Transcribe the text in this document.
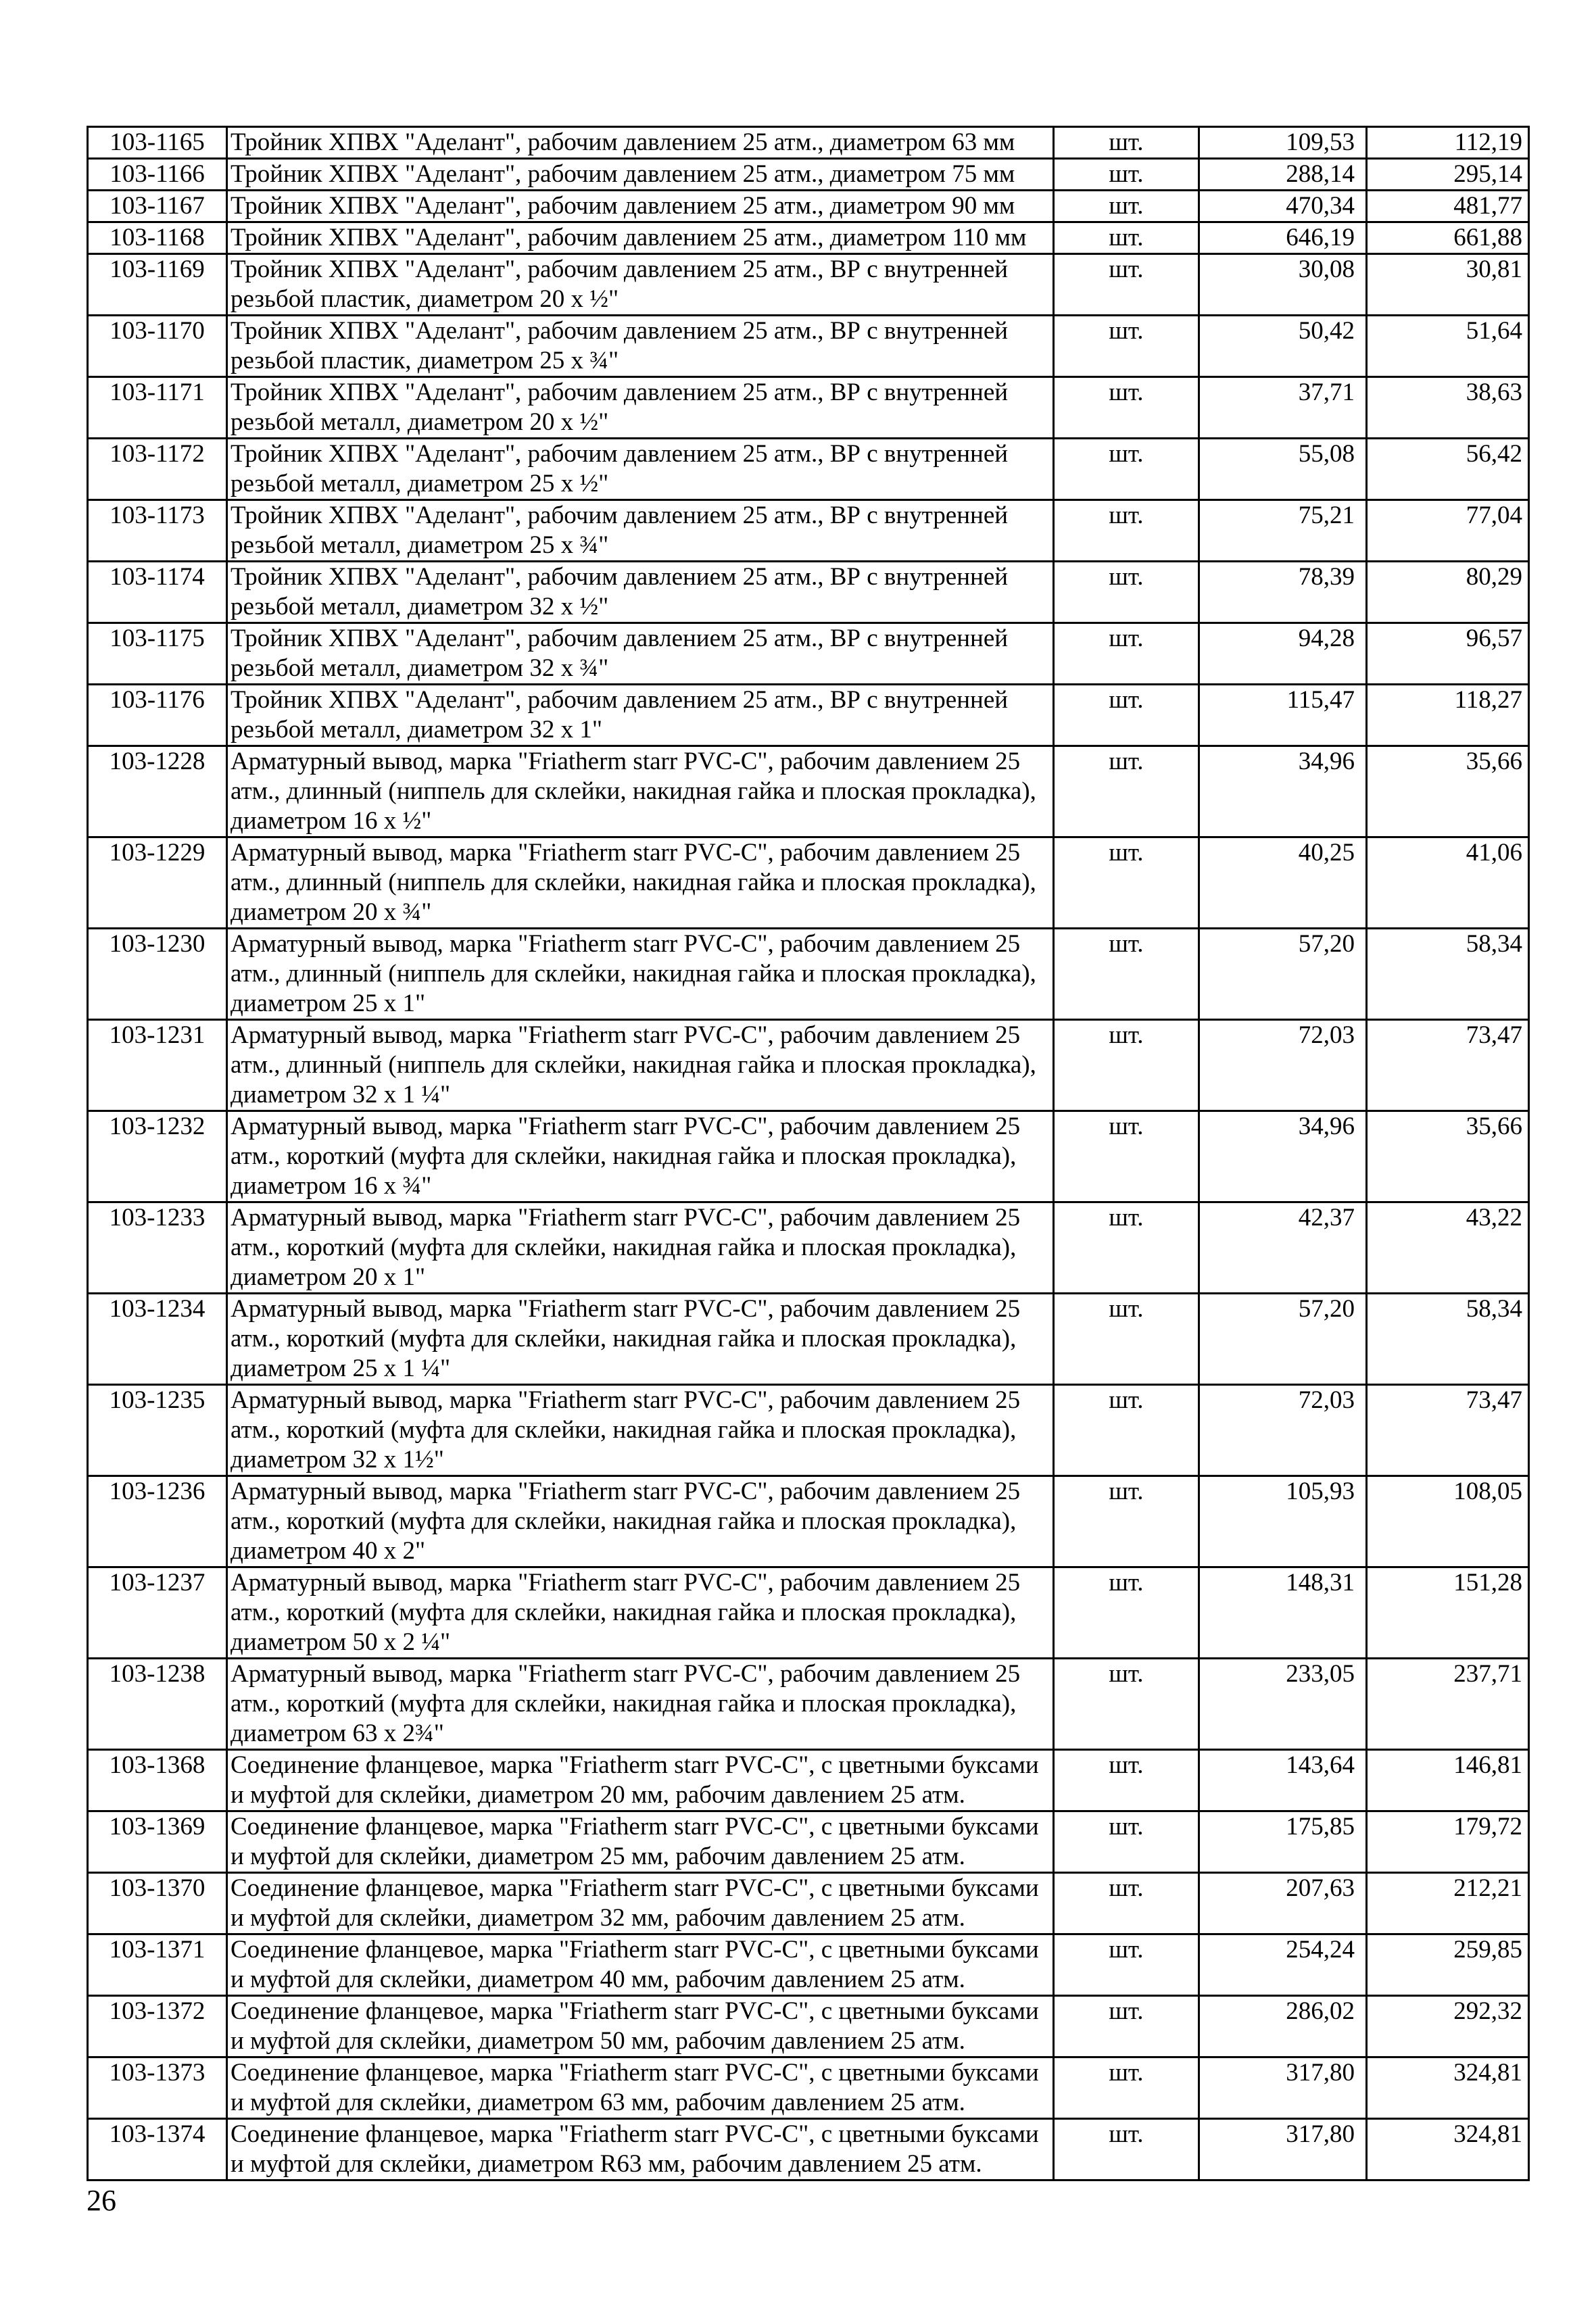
103-1165	Тройник ХПВХ "Аделант", рабочим давлением 25 атм., диаметром 63 мм	шт.	109,53	112,19
103-1166	Тройник ХПВХ "Аделант", рабочим давлением 25 атм., диаметром 75 мм	шт.	288,14	295,14
103-1167	Тройник ХПВХ "Аделант", рабочим давлением 25 атм., диаметром 90 мм	шт.	470,34	481,77
103-1168	Тройник ХПВХ "Аделант", рабочим давлением 25 атм., диаметром 110 мм	шт.	646,19	661,88
103-1169	Тройник ХПВХ "Аделант", рабочим давлением 25 атм., ВР с внутренней резьбой пластик, диаметром 20 x ½"	шт.	30,08	30,81
103-1170	Тройник ХПВХ "Аделант", рабочим давлением 25 атм., ВР с внутренней резьбой пластик, диаметром 25 x ¾"	шт.	50,42	51,64
103-1171	Тройник ХПВХ "Аделант", рабочим давлением 25 атм., ВР с внутренней резьбой металл, диаметром 20 x ½"	шт.	37,71	38,63
103-1172	Тройник ХПВХ "Аделант", рабочим давлением 25 атм., ВР с внутренней резьбой металл, диаметром 25 x ½"	шт.	55,08	56,42
103-1173	Тройник ХПВХ "Аделант", рабочим давлением 25 атм., ВР с внутренней резьбой металл, диаметром 25 x ¾"	шт.	75,21	77,04
103-1174	Тройник ХПВХ "Аделант", рабочим давлением 25 атм., ВР с внутренней резьбой металл, диаметром 32 x ½"	шт.	78,39	80,29
103-1175	Тройник ХПВХ "Аделант", рабочим давлением 25 атм., ВР с внутренней резьбой металл, диаметром 32 x ¾"	шт.	94,28	96,57
103-1176	Тройник ХПВХ "Аделант", рабочим давлением 25 атм., ВР с внутренней резьбой металл, диаметром 32 x 1"	шт.	115,47	118,27
103-1228	Арматурный вывод, марка "Friatherm starr PVC-C", рабочим давлением 25 атм., длинный (ниппель для склейки, накидная гайка и плоская прокладка), диаметром 16 x ½"	шт.	34,96	35,66
103-1229	Арматурный вывод, марка "Friatherm starr PVC-C", рабочим давлением 25 атм., длинный (ниппель для склейки, накидная гайка и плоская прокладка), диаметром 20 x ¾"	шт.	40,25	41,06
103-1230	Арматурный вывод, марка "Friatherm starr PVC-C", рабочим давлением 25 атм., длинный (ниппель для склейки, накидная гайка и плоская прокладка), диаметром 25 x 1"	шт.	57,20	58,34
103-1231	Арматурный вывод, марка "Friatherm starr PVC-C", рабочим давлением 25 атм., длинный (ниппель для склейки, накидная гайка и плоская прокладка), диаметром 32 x 1 ¼"	шт.	72,03	73,47
103-1232	Арматурный вывод, марка "Friatherm starr PVC-C", рабочим давлением 25 атм., короткий (муфта для склейки, накидная гайка и плоская прокладка), диаметром 16 x ¾"	шт.	34,96	35,66
103-1233	Арматурный вывод, марка "Friatherm starr PVC-C", рабочим давлением 25 атм., короткий (муфта для склейки, накидная гайка и плоская прокладка), диаметром 20 x 1"	шт.	42,37	43,22
103-1234	Арматурный вывод, марка "Friatherm starr PVC-C", рабочим давлением 25 атм., короткий (муфта для склейки, накидная гайка и плоская прокладка), диаметром 25 x 1 ¼"	шт.	57,20	58,34
103-1235	Арматурный вывод, марка "Friatherm starr PVC-C", рабочим давлением 25 атм., короткий (муфта для склейки, накидная гайка и плоская прокладка), диаметром 32 x 1½"	шт.	72,03	73,47
103-1236	Арматурный вывод, марка "Friatherm starr PVC-C", рабочим давлением 25 атм., короткий (муфта для склейки, накидная гайка и плоская прокладка), диаметром 40 x 2"	шт.	105,93	108,05
103-1237	Арматурный вывод, марка "Friatherm starr PVC-C", рабочим давлением 25 атм., короткий (муфта для склейки, накидная гайка и плоская прокладка), диаметром 50 x 2 ¼"	шт.	148,31	151,28
103-1238	Арматурный вывод, марка "Friatherm starr PVC-C", рабочим давлением 25 атм., короткий (муфта для склейки, накидная гайка и плоская прокладка), диаметром 63 x 2¾"	шт.	233,05	237,71
103-1368	Соединение фланцевое, марка "Friatherm starr PVC-C", с цветными буксами и муфтой для склейки, диаметром 20 мм, рабочим давлением 25 атм.	шт.	143,64	146,81
103-1369	Соединение фланцевое, марка "Friatherm starr PVC-C", с цветными буксами и муфтой для склейки, диаметром 25 мм, рабочим давлением 25 атм.	шт.	175,85	179,72
103-1370	Соединение фланцевое, марка "Friatherm starr PVC-C", с цветными буксами и муфтой для склейки, диаметром 32 мм, рабочим давлением 25 атм.	шт.	207,63	212,21
103-1371	Соединение фланцевое, марка "Friatherm starr PVC-C", с цветными буксами и муфтой для склейки, диаметром 40 мм, рабочим давлением 25 атм.	шт.	254,24	259,85
103-1372	Соединение фланцевое, марка "Friatherm starr PVC-C", с цветными буксами и муфтой для склейки, диаметром 50 мм, рабочим давлением 25 атм.	шт.	286,02	292,32
103-1373	Соединение фланцевое, марка "Friatherm starr PVC-C", с цветными буксами и муфтой для склейки, диаметром 63 мм, рабочим давлением 25 атм.	шт.	317,80	324,81
103-1374	Соединение фланцевое, марка "Friatherm starr PVC-C", с цветными буксами и муфтой для склейки, диаметром R63 мм, рабочим давлением 25 атм.	шт.	317,80	324,81
26
